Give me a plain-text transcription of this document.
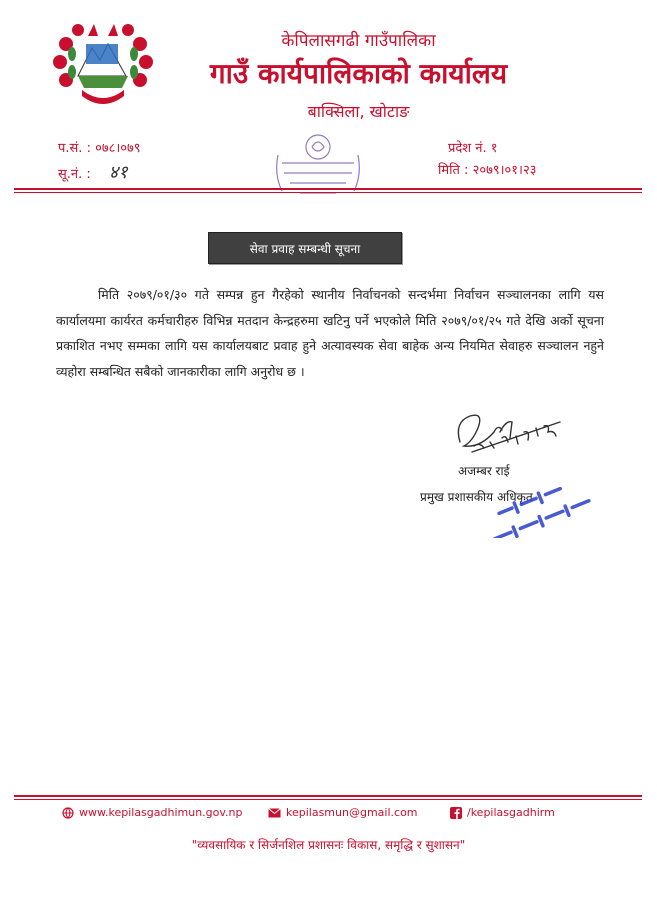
केपिलासगढी गाउँपालिका
गाउँ कार्यपालिकाको कार्यालय
बाक्सिला, खोटाङ
प.सं. : ०७८।०७९
सू.नं. : ४१
प्रदेश नं. १
मिति : २०७९।०१।२३
सेवा प्रवाह सम्बन्धी सूचना
मिति २०७९/०१/३० गते सम्पन्न हुन गैरहेको स्थानीय निर्वाचनको सन्दर्भमा निर्वाचन सञ्चालनका लागि यस कार्यालयमा कार्यरत कर्मचारीहरु विभिन्न मतदान केन्द्रहरुमा खटिनु पर्ने भएकोले मिति २०७९/०१/२५ गते देखि अर्को सूचना प्रकाशित नभए सम्मका लागि यस कार्यालयबाट प्रवाह हुने अत्यावस्यक सेवा बाहेक अन्य नियमित सेवाहरु सञ्चालन नहुने व्यहोरा सम्बन्धित सबैको जानकारीका लागि अनुरोध छ ।
अजम्बर राई
प्रमुख प्रशासकीय अधिकृत
www.kepilasgadhimun.gov.np	kepilasmun@gmail.com	/kepilasgadhirm
"व्यवसायिक र सिर्जनशिल प्रशासनः विकास, समृद्धि र सुशासन"
